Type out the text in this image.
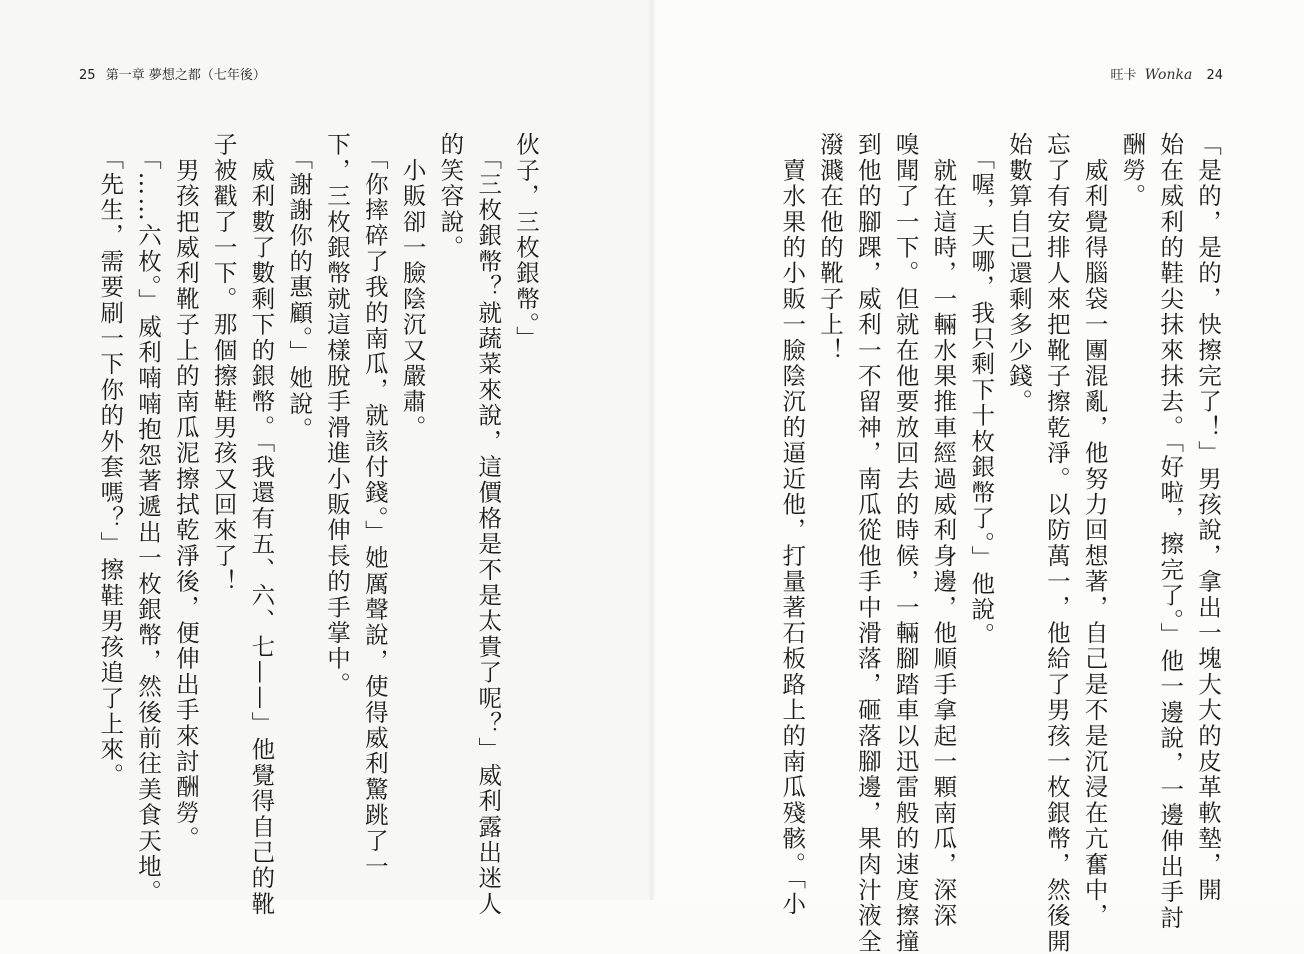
25 第一章 夢想之都（七年後）	旺卡 Wonka 24

「是的，是的，快擦完了！」男孩說，拿出一塊大大的皮革軟墊，開

始在威利的鞋尖抹來抹去。「好啦，擦完了。」他一邊說，一邊伸出手討

酬勞。

　威利覺得腦袋一團混亂，他努力回想著，自己是不是沉浸在亢奮中，

忘了有安排人來把靴子擦乾淨。以防萬一，他給了男孩一枚銀幣，然後開

始數算自己還剩多少錢。

　「喔，天哪，我只剩下十枚銀幣了。」他說。

　就在這時，一輛水果推車經過威利身邊，他順手拿起一顆南瓜，深深

嗅聞了一下。但就在他要放回去的時候，一輛腳踏車以迅雷般的速度擦撞

到他的腳踝，威利一不留神，南瓜從他手中滑落，砸落腳邊，果肉汁液全

潑濺在他的靴子上！

　賣水果的小販一臉陰沉的逼近他，打量著石板路上的南瓜殘骸。「小

伙子，三枚銀幣。」

　「三枚銀幣？就蔬菜來說，這價格是不是太貴了呢？」威利露出迷人

的笑容說。

　小販卻一臉陰沉又嚴肅。

　「你摔碎了我的南瓜，就該付錢。」她厲聲說，使得威利驚跳了一

下，三枚銀幣就這樣脫手滑進小販伸長的手掌中。

　「謝謝你的惠顧。」她說。

　威利數了數剩下的銀幣。「我還有五、六、七——」他覺得自己的靴

子被戳了一下。那個擦鞋男孩又回來了！

　男孩把威利靴子上的南瓜泥擦拭乾淨後，便伸出手來討酬勞。

　「……六枚。」威利喃喃抱怨著遞出一枚銀幣，然後前往美食天地。

　「先生，需要刷一下你的外套嗎？」擦鞋男孩追了上來。
